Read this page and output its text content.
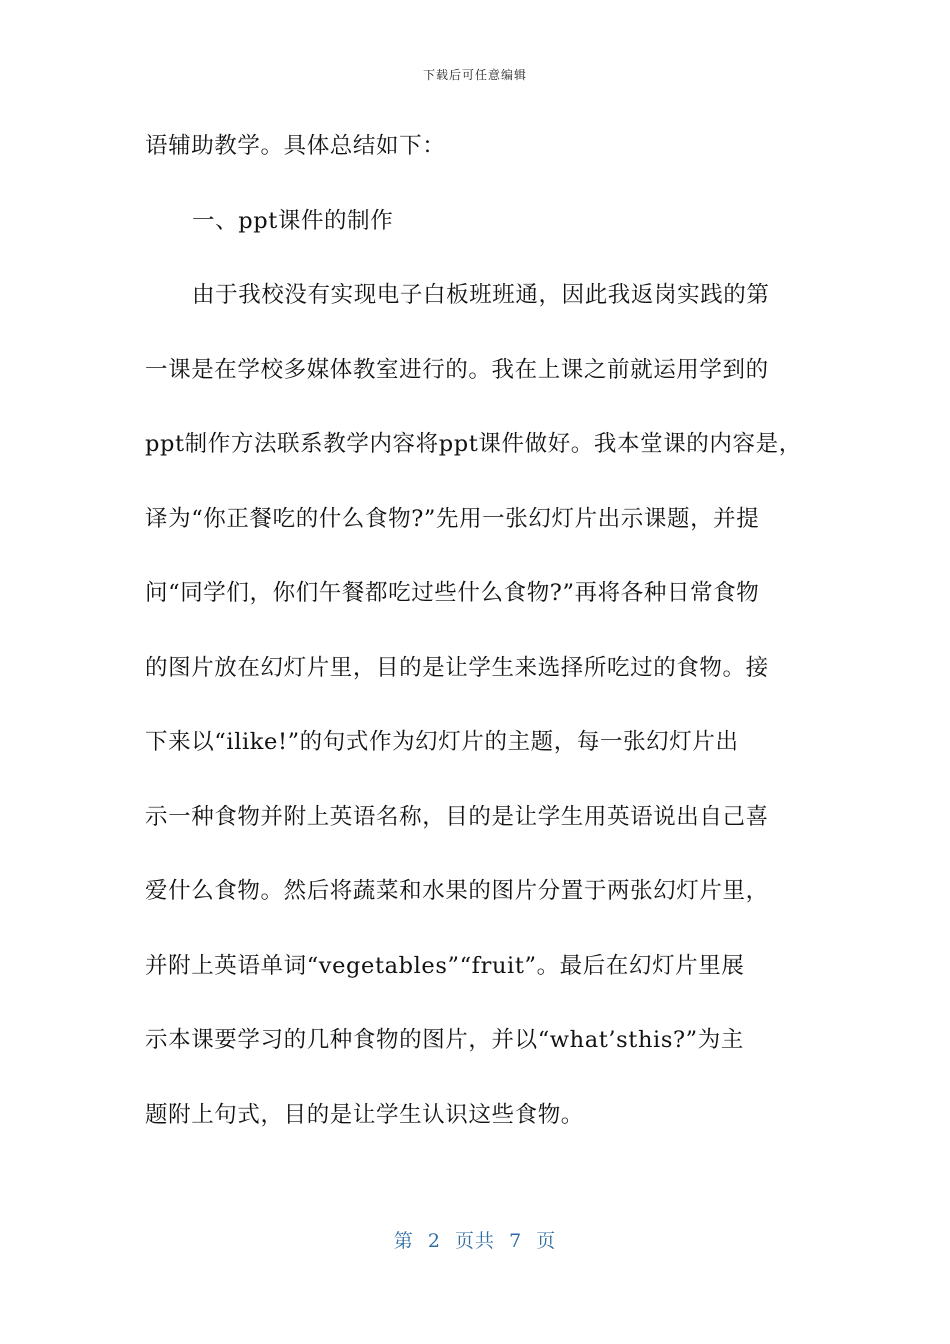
下载后可任意编辑
语辅助教学。具体总结如下：
一、ppt课件的制作
由于我校没有实现电子白板班班通，因此我返岗实践的第
一课是在学校多媒体教室进行的。我在上课之前就运用学到的
ppt制作方法联系教学内容将ppt课件做好。我本堂课的内容是，
译为“你正餐吃的什么食物?”先用一张幻灯片出示课题，并提
问“同学们，你们午餐都吃过些什么食物?”再将各种日常食物
的图片放在幻灯片里，目的是让学生来选择所吃过的食物。接
下来以“ilike!”的句式作为幻灯片的主题，每一张幻灯片出
示一种食物并附上英语名称，目的是让学生用英语说出自己喜
爱什么食物。然后将蔬菜和水果的图片分置于两张幻灯片里，
并附上英语单词“vegetables”“fruit”。最后在幻灯片里展
示本课要学习的几种食物的图片，并以“what’sthis?”为主
题附上句式，目的是让学生认识这些食物。
第  2  页共  7  页
